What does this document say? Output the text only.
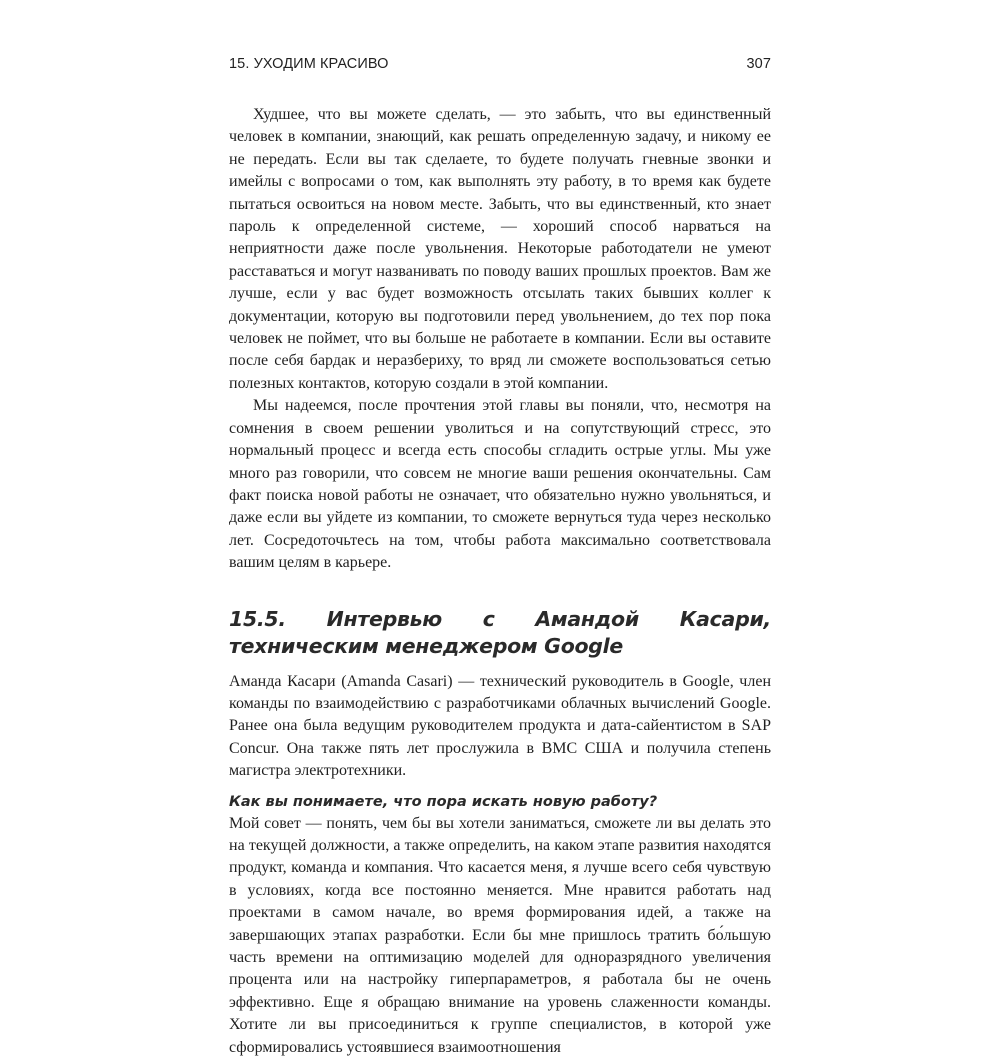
15. УХОДИМ КРАСИВО	307

Худшее, что вы можете сделать, — это забыть, что вы единственный человек в компании, знающий, как решать определенную задачу, и никому ее не передать. Если вы так сделаете, то будете получать гневные звонки и имейлы с вопросами о том, как выполнять эту работу, в то время как будете пытаться освоиться на новом месте. Забыть, что вы единственный, кто знает пароль к определенной системе, — хороший способ нарваться на неприятности даже после увольнения. Некоторые работодатели не умеют расставаться и могут названивать по поводу ваших прошлых проектов. Вам же лучше, если у вас будет возможность отсылать таких бывших коллег к документации, которую вы подготовили перед увольнением, до тех пор пока человек не поймет, что вы больше не работаете в компании. Если вы оставите после себя бардак и неразбериху, то вряд ли сможете воспользоваться сетью полезных контактов, которую создали в этой компании.

Мы надеемся, после прочтения этой главы вы поняли, что, несмотря на сомнения в своем решении уволиться и на сопутствующий стресс, это нормальный процесс и всегда есть способы сгладить острые углы. Мы уже много раз говорили, что совсем не многие ваши решения окончательны. Сам факт поиска новой работы не означает, что обязательно нужно увольняться, и даже если вы уйдете из компании, то сможете вернуться туда через несколько лет. Сосредоточьтесь на том, чтобы работа максимально соответствовала вашим целям в карьере.

15.5. Интервью с Амандой Касари, техническим менеджером Google

Аманда Касари (Amanda Casari) — технический руководитель в Google, член команды по взаимодействию с разработчиками облачных вычислений Google. Ранее она была ведущим руководителем продукта и дата-сайентистом в SAP Concur. Она также пять лет прослужила в ВМС США и получила степень магистра электротехники.

Как вы понимаете, что пора искать новую работу?

Мой совет — понять, чем бы вы хотели заниматься, сможете ли вы делать это на текущей должности, а также определить, на каком этапе развития находятся продукт, команда и компания. Что касается меня, я лучше всего себя чувствую в условиях, когда все постоянно меняется. Мне нравится работать над проектами в самом начале, во время формирования идей, а также на завершающих этапах разработки. Если бы мне пришлось тратить бо́льшую часть времени на оптимизацию моделей для одноразрядного увеличения процента или на настройку гиперпараметров, я работала бы не очень эффективно. Еще я обращаю внимание на уровень слаженности команды. Хотите ли вы присоединиться к группе специалистов, в которой уже сформировались устоявшиеся взаимоотношения
